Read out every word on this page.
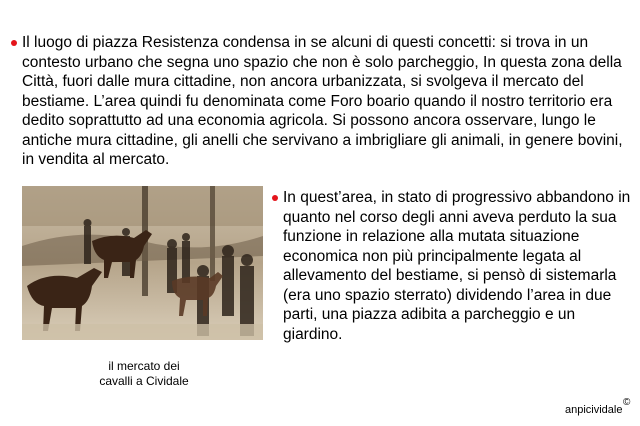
Il luogo di piazza Resistenza condensa in se alcuni di questi concetti: si trova in un contesto urbano che segna uno spazio che non è solo parcheggio, In questa zona della Città, fuori dalle mura cittadine, non ancora urbanizzata, si svolgeva il mercato del bestiame. L’area quindi fu denominata come Foro boario quando il nostro territorio era dedito soprattutto ad una economia agricola. Si possono ancora osservare, lungo le antiche mura cittadine, gli anelli che servivano a imbrigliare gli animali, in genere bovini, in vendita al mercato.

il mercato dei
cavalli a Cividale

In quest’area, in stato di progressivo abbandono in quanto nel corso degli anni aveva perduto la sua funzione in relazione alla mutata situazione economica non più principalmente legata al allevamento del bestiame, si pensò di sistemarla (era uno spazio sterrato) dividendo l’area in due parti, una piazza adibita a parcheggio e un giardino.

anpicividale
©
